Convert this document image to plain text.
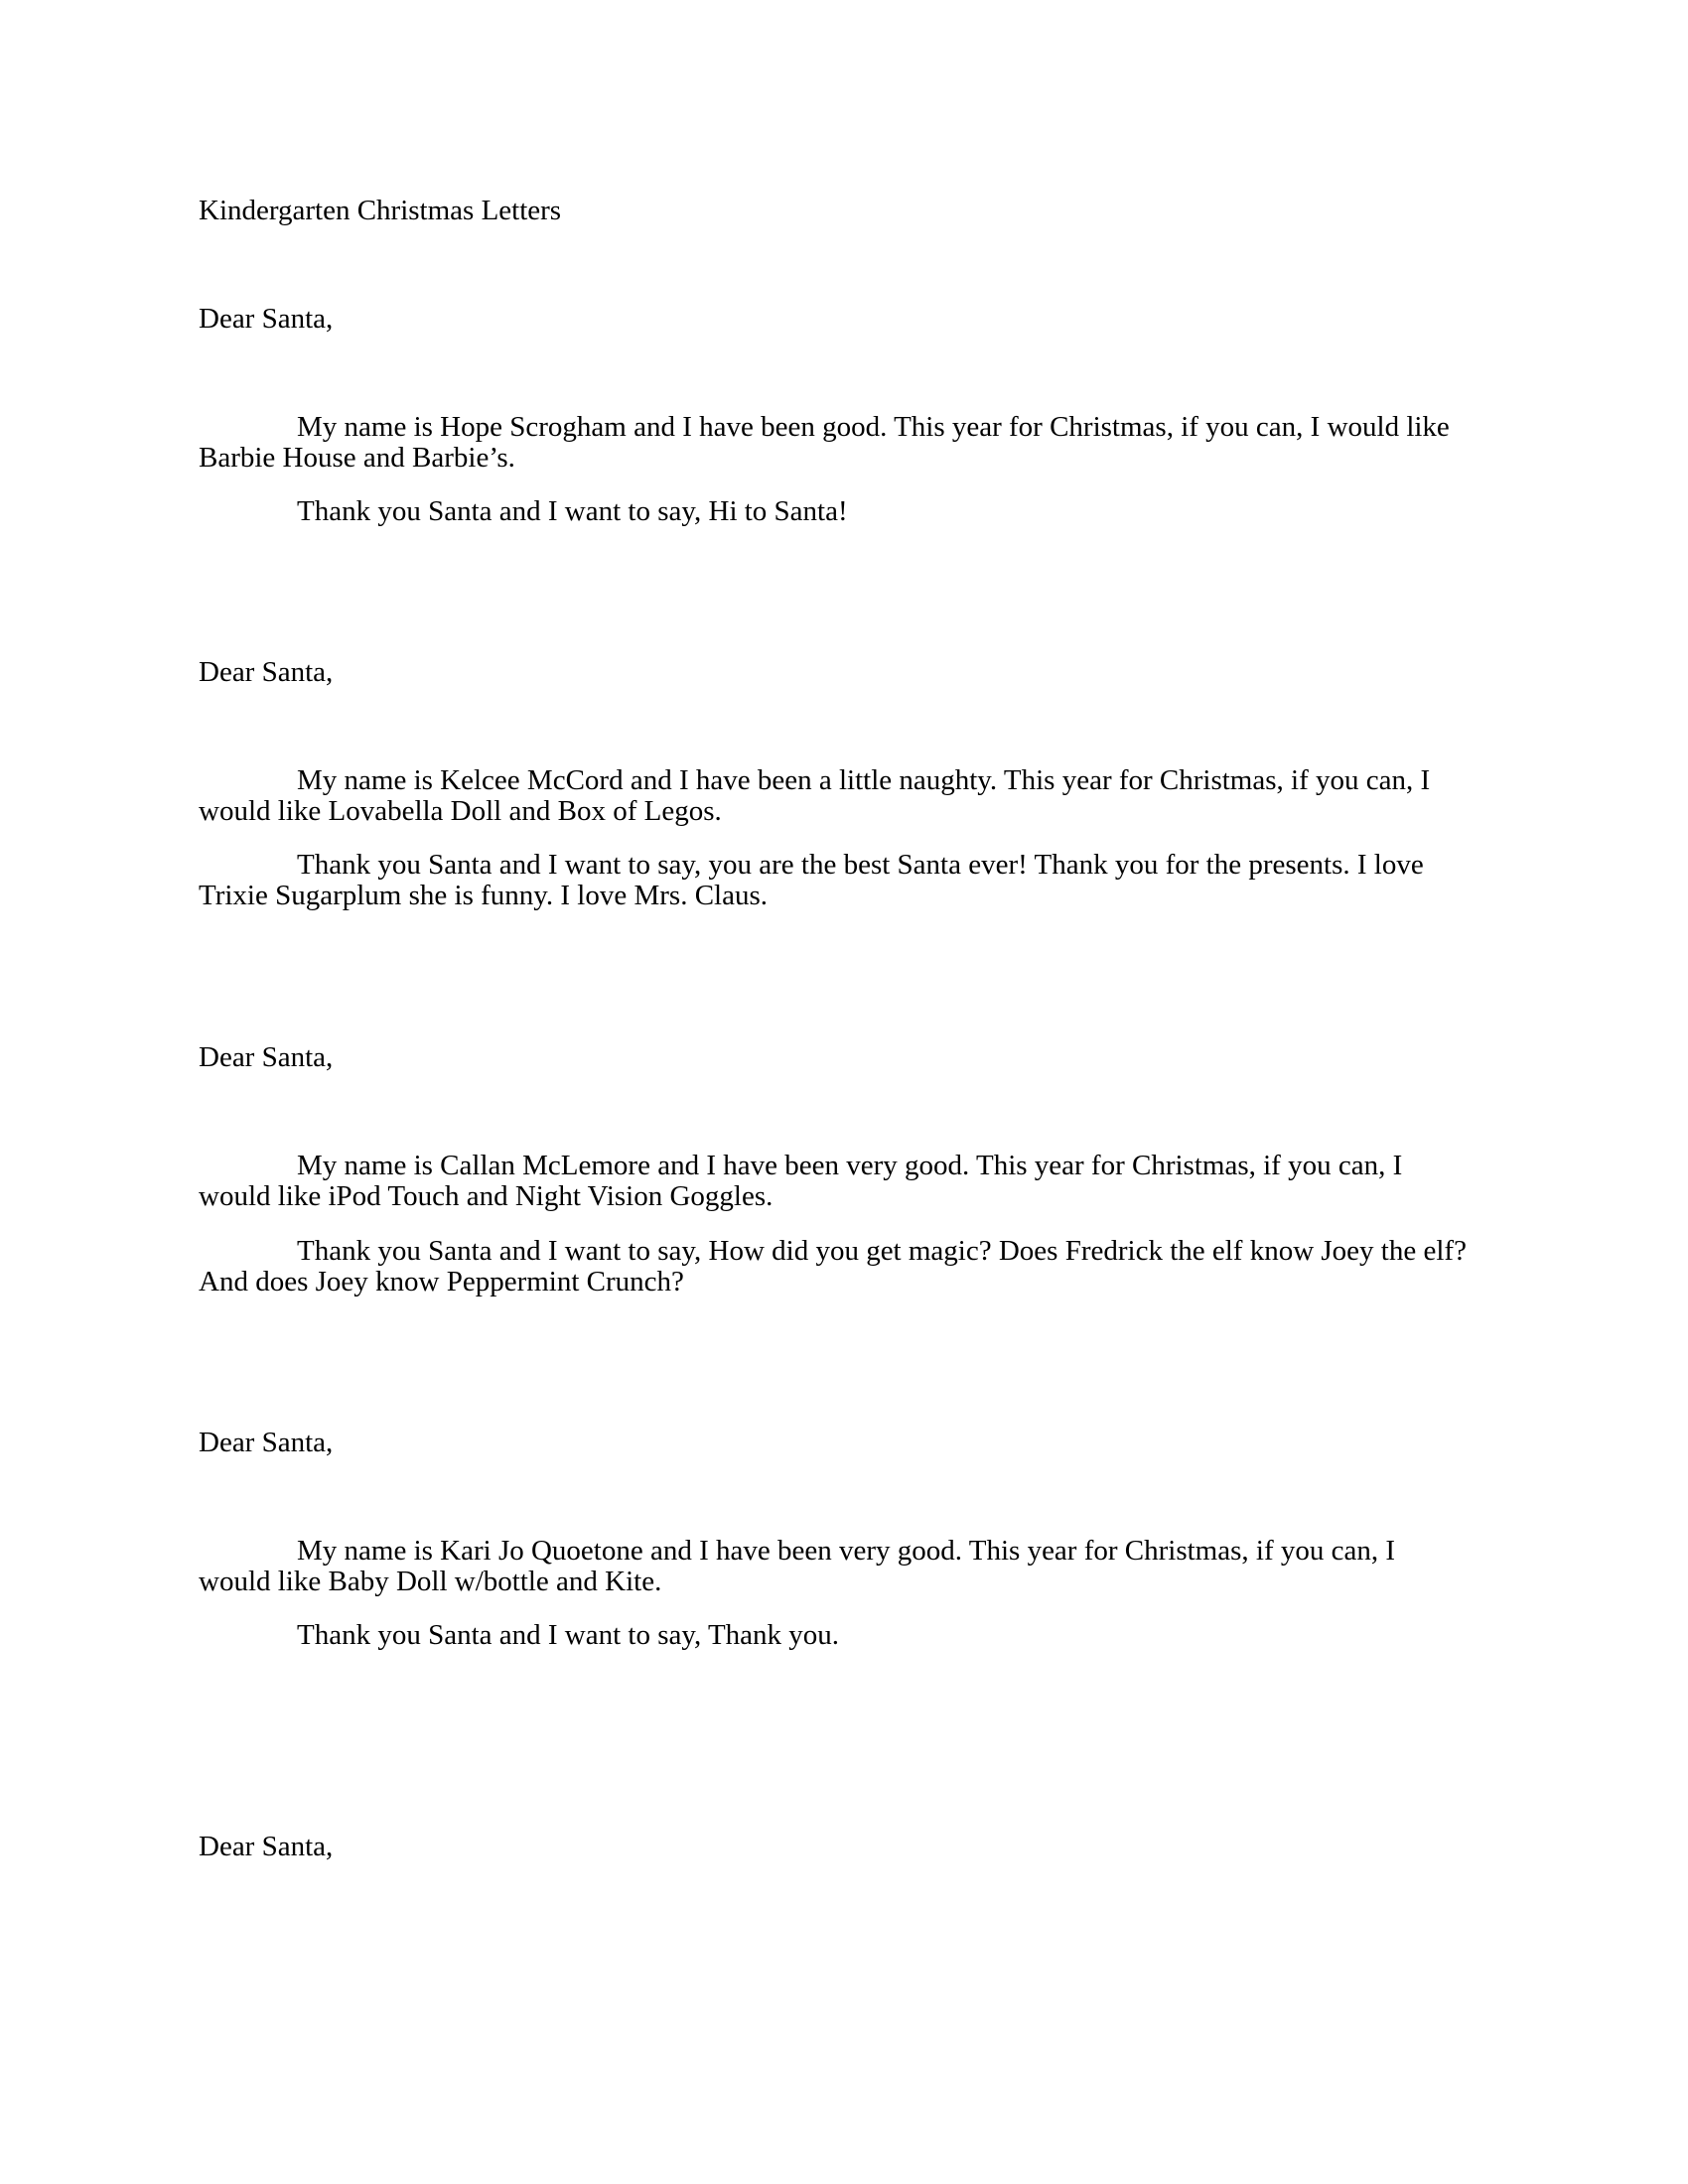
Kindergarten Christmas Letters

Dear Santa,

My name is Hope Scrogham and I have been good. This year for Christmas, if you can, I would like Barbie House and Barbie’s.

Thank you Santa and I want to say, Hi to Santa!

Dear Santa,

My name is Kelcee McCord and I have been a little naughty. This year for Christmas, if you can, I would like Lovabella Doll and Box of Legos.

Thank you Santa and I want to say, you are the best Santa ever! Thank you for the presents. I love Trixie Sugarplum she is funny. I love Mrs. Claus.

Dear Santa,

My name is Callan McLemore and I have been very good. This year for Christmas, if you can, I would like iPod Touch and Night Vision Goggles.

Thank you Santa and I want to say, How did you get magic? Does Fredrick the elf know Joey the elf? And does Joey know Peppermint Crunch?

Dear Santa,

My name is Kari Jo Quoetone and I have been very good. This year for Christmas, if you can, I would like Baby Doll w/bottle and Kite.

Thank you Santa and I want to say, Thank you.

Dear Santa,
